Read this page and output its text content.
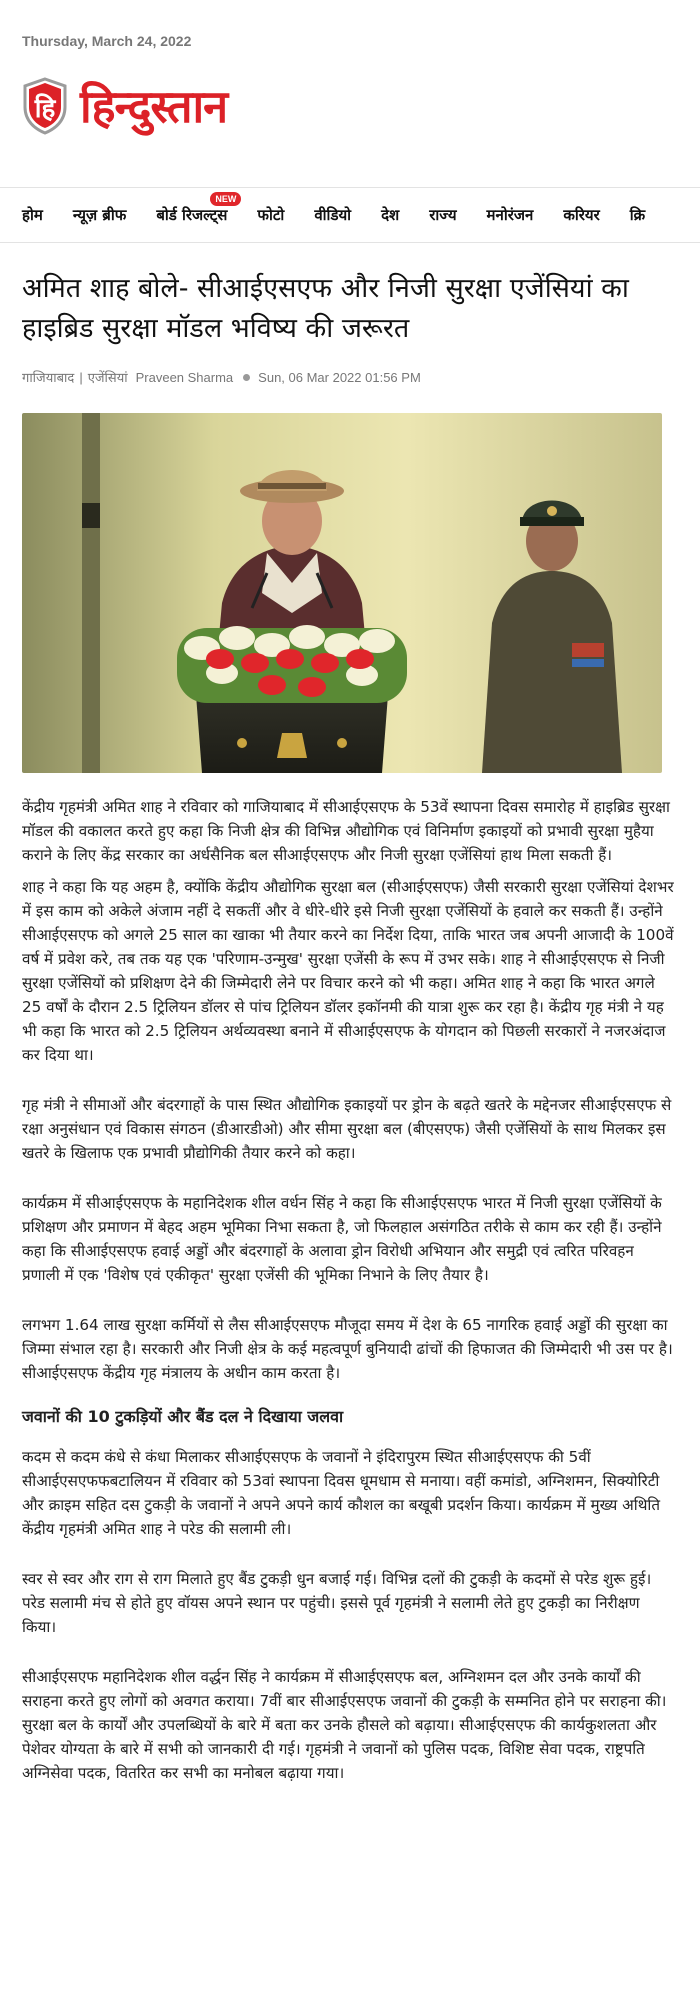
Thursday, March 24, 2022
हि हिन्दुस्तान
होम न्यूज़ ब्रीफ बोर्ड रिजल्ट्स
NEW
फोटो वीडियो देश राज्य मनोरंजन करियर क्रि
अमित शाह बोले- सीआईएसएफ और निजी सुरक्षा एजेंसियां का हाइब्रिड सुरक्षा मॉडल भविष्य की जरूरत
गाजियाबाद | एजेंसियां Praveen Sharma Sun, 06 Mar 2022 01:56 PM

केंद्रीय गृहमंत्री अमित शाह ने रविवार को गाजियाबाद में सीआईएसएफ के 53वें स्थापना दिवस समारोह में हाइब्रिड सुरक्षा मॉडल की वकालत करते हुए कहा कि निजी क्षेत्र की विभिन्न औद्योगिक एवं विनिर्माण इकाइयों को प्रभावी सुरक्षा मुहैया कराने के लिए केंद्र सरकार का अर्धसैनिक बल सीआईएसएफ और निजी सुरक्षा एजेंसियां हाथ मिला सकती हैं।

शाह ने कहा कि यह अहम है, क्योंकि केंद्रीय औद्योगिक सुरक्षा बल (सीआईएसएफ) जैसी सरकारी सुरक्षा एजेंसियां देशभर में इस काम को अकेले अंजाम नहीं दे सकतीं और वे धीरे-धीरे इसे निजी सुरक्षा एजेंसियों के हवाले कर सकती हैं। उन्होंने सीआईएसएफ को अगले 25 साल का खाका भी तैयार करने का निर्देश दिया, ताकि भारत जब अपनी आजादी के 100वें वर्ष में प्रवेश करे, तब तक यह एक 'परिणाम-उन्मुख' सुरक्षा एजेंसी के रूप में उभर सके। शाह ने सीआईएसएफ से निजी सुरक्षा एजेंसियों को प्रशिक्षण देने की जिम्मेदारी लेने पर विचार करने को भी कहा। अमित शाह ने कहा कि भारत अगले 25 वर्षों के दौरान 2.5 ट्रिलियन डॉलर से पांच ट्रिलियन डॉलर इकॉनमी की यात्रा शुरू कर रहा है। केंद्रीय गृह मंत्री ने यह भी कहा कि भारत को 2.5 ट्रिलियन अर्थव्यवस्था बनाने में सीआईएसएफ के योगदान को पिछली सरकारों ने नजरअंदाज कर दिया था।

गृह मंत्री ने सीमाओं और बंदरगाहों के पास स्थित औद्योगिक इकाइयों पर ड्रोन के बढ़ते खतरे के मद्देनजर सीआईएसएफ से रक्षा अनुसंधान एवं विकास संगठन (डीआरडीओ) और सीमा सुरक्षा बल (बीएसएफ) जैसी एजेंसियों के साथ मिलकर इस खतरे के खिलाफ एक प्रभावी प्रौद्योगिकी तैयार करने को कहा।

कार्यक्रम में सीआईएसएफ के महानिदेशक शील वर्धन सिंह ने कहा कि सीआईएसएफ भारत में निजी सुरक्षा एजेंसियों के प्रशिक्षण और प्रमाणन में बेहद अहम भूमिका निभा सकता है, जो फिलहाल असंगठित तरीके से काम कर रही हैं। उन्होंने कहा कि सीआईएसएफ हवाई अड्डों और बंदरगाहों के अलावा ड्रोन विरोधी अभियान और समुद्री एवं त्वरित परिवहन प्रणाली में एक 'विशेष एवं एकीकृत' सुरक्षा एजेंसी की भूमिका निभाने के लिए तैयार है।

लगभग 1.64 लाख सुरक्षा कर्मियों से लैस सीआईएसएफ मौजूदा समय में देश के 65 नागरिक हवाई अड्डों की सुरक्षा का जिम्मा संभाल रहा है। सरकारी और निजी क्षेत्र के कई महत्वपूर्ण बुनियादी ढांचों की हिफाजत की जिम्मेदारी भी उस पर है। सीआईएसएफ केंद्रीय गृह मंत्रालय के अधीन काम करता है।

जवानों की 10 टुकड़ियों और बैंड दल ने दिखाया जलवा

कदम से कदम कंधे से कंधा मिलाकर सीआईएसएफ के जवानों ने इंदिरापुरम स्थित सीआईएसएफ की 5वीं सीआईएसएफफबटालियन में रविवार को 53वां स्थापना दिवस धूमधाम से मनाया। वहीं कमांडो, अग्निशमन, सिक्योरिटी और क्राइम सहित दस टुकड़ी के जवानों ने अपने अपने कार्य कौशल का बखूबी प्रदर्शन किया। कार्यक्रम में मुख्य अथिति केंद्रीय गृहमंत्री अमित शाह ने परेड की सलामी ली।

स्वर से स्वर और राग से राग मिलाते हुए बैंड टुकड़ी धुन बजाई गई। विभिन्न दलों की टुकड़ी के कदमों से परेड शुरू हुई। परेड सलामी मंच से होते हुए वॉयस अपने स्थान पर पहुंची। इससे पूर्व गृहमंत्री ने सलामी लेते हुए टुकड़ी का निरीक्षण किया।

सीआईएसएफ महानिदेशक शील वर्द्धन सिंह ने कार्यक्रम में सीआईएसएफ बल, अग्निशमन दल और उनके कार्यों की सराहना करते हुए लोगों को अवगत कराया। 7वीं बार सीआईएसएफ जवानों की टुकड़ी के सम्मनित होने पर सराहना की। सुरक्षा बल के कार्यों और उपलब्धियों के बारे में बता कर उनके हौसले को बढ़ाया। सीआईएसएफ की कार्यकुशलता और पेशेवर योग्यता के बारे में सभी को जानकारी दी गई। गृहमंत्री ने जवानों को पुलिस पदक, विशिष्ट सेवा पदक, राष्ट्रपति अग्निसेवा पदक, वितरित कर सभी का मनोबल बढ़ाया गया।
